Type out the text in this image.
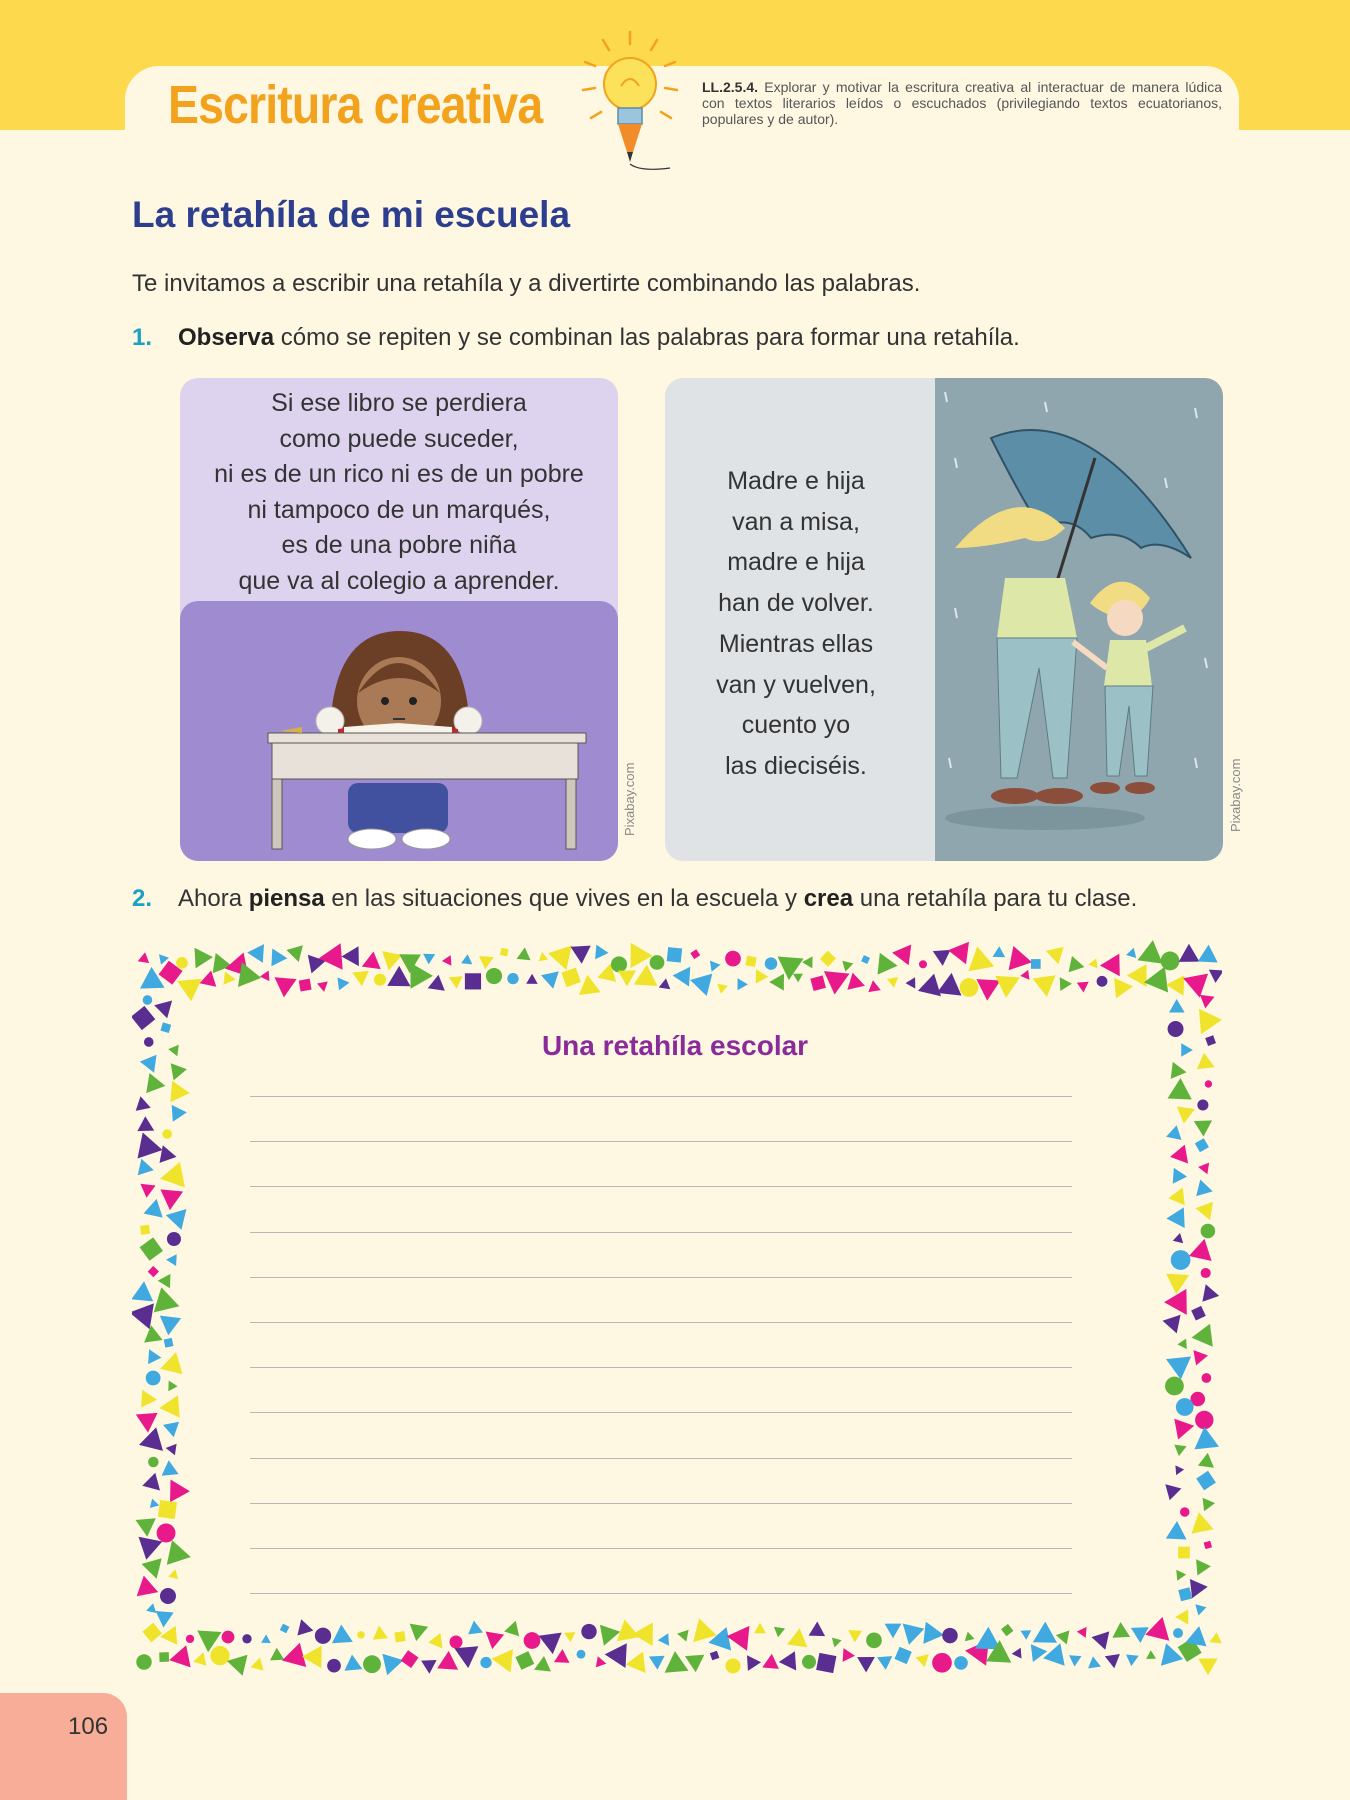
Escritura creativa	LL.2.5.4. Explorar y motivar la escritura creativa al interactuar de manera lúdica con textos literarios leídos o escuchados (privilegiando textos ecuatorianos, populares y de autor).
La retahíla de mi escuela
Te invitamos a escribir una retahíla y a divertirte combinando las palabras.
1. Observa cómo se repiten y se combinan las palabras para formar una retahíla.
Si ese libro se perdiera
como puede suceder,
ni es de un rico ni es de un pobre
ni tampoco de un marqués,
es de una pobre niña
que va al colegio a aprender.
Pixabay.com
Madre e hija
van a misa,
madre e hija
han de volver.
Mientras ellas
van y vuelven,
cuento yo
las dieciséis.	Pixabay.com
2. Ahora piensa en las situaciones que vives en la escuela y crea una retahíla para tu clase.
Una retahíla escolar
106
